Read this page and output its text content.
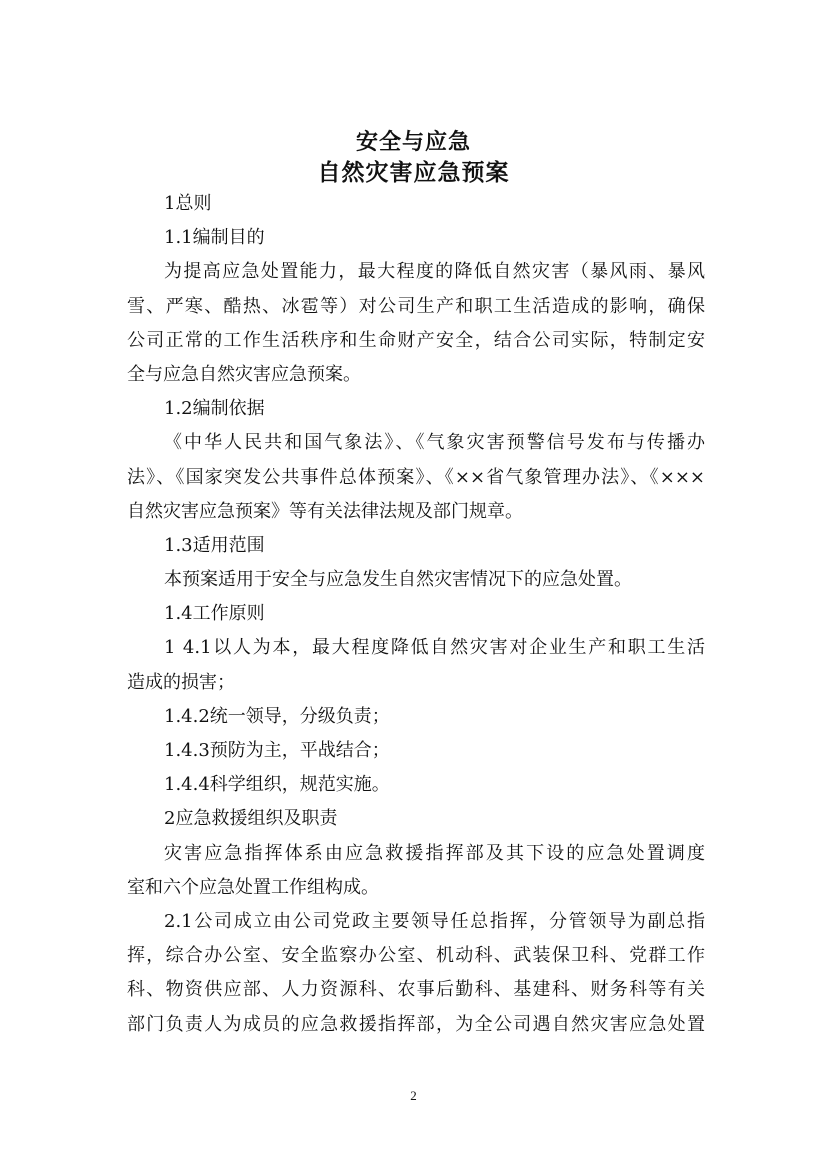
安全与应急
自然灾害应急预案
1总则
1.1编制目的
为提高应急处置能力，最大程度的降低自然灾害（暴风雨、暴风
雪、严寒、酷热、冰雹等）对公司生产和职工生活造成的影响，确保
公司正常的工作生活秩序和生命财产安全，结合公司实际，特制定安
全与应急自然灾害应急预案。
1.2编制依据
《中华人民共和国气象法》、《气象灾害预警信号发布与传播办
法》、《国家突发公共事件总体预案》、《××省气象管理办法》、《×××
自然灾害应急预案》等有关法律法规及部门规章。
1.3适用范围
本预案适用于安全与应急发生自然灾害情况下的应急处置。
1.4工作原则
1 4.1以人为本，最大程度降低自然灾害对企业生产和职工生活
造成的损害；
1.4.2统一领导，分级负责；
1.4.3预防为主，平战结合；
1.4.4科学组织，规范实施。
2应急救援组织及职责
灾害应急指挥体系由应急救援指挥部及其下设的应急处置调度
室和六个应急处置工作组构成。
2.1公司成立由公司党政主要领导任总指挥，分管领导为副总指
挥，综合办公室、安全监察办公室、机动科、武装保卫科、党群工作
科、物资供应部、人力资源科、农事后勤科、基建科、财务科等有关
部门负责人为成员的应急救援指挥部，为全公司遇自然灾害应急处置
2
